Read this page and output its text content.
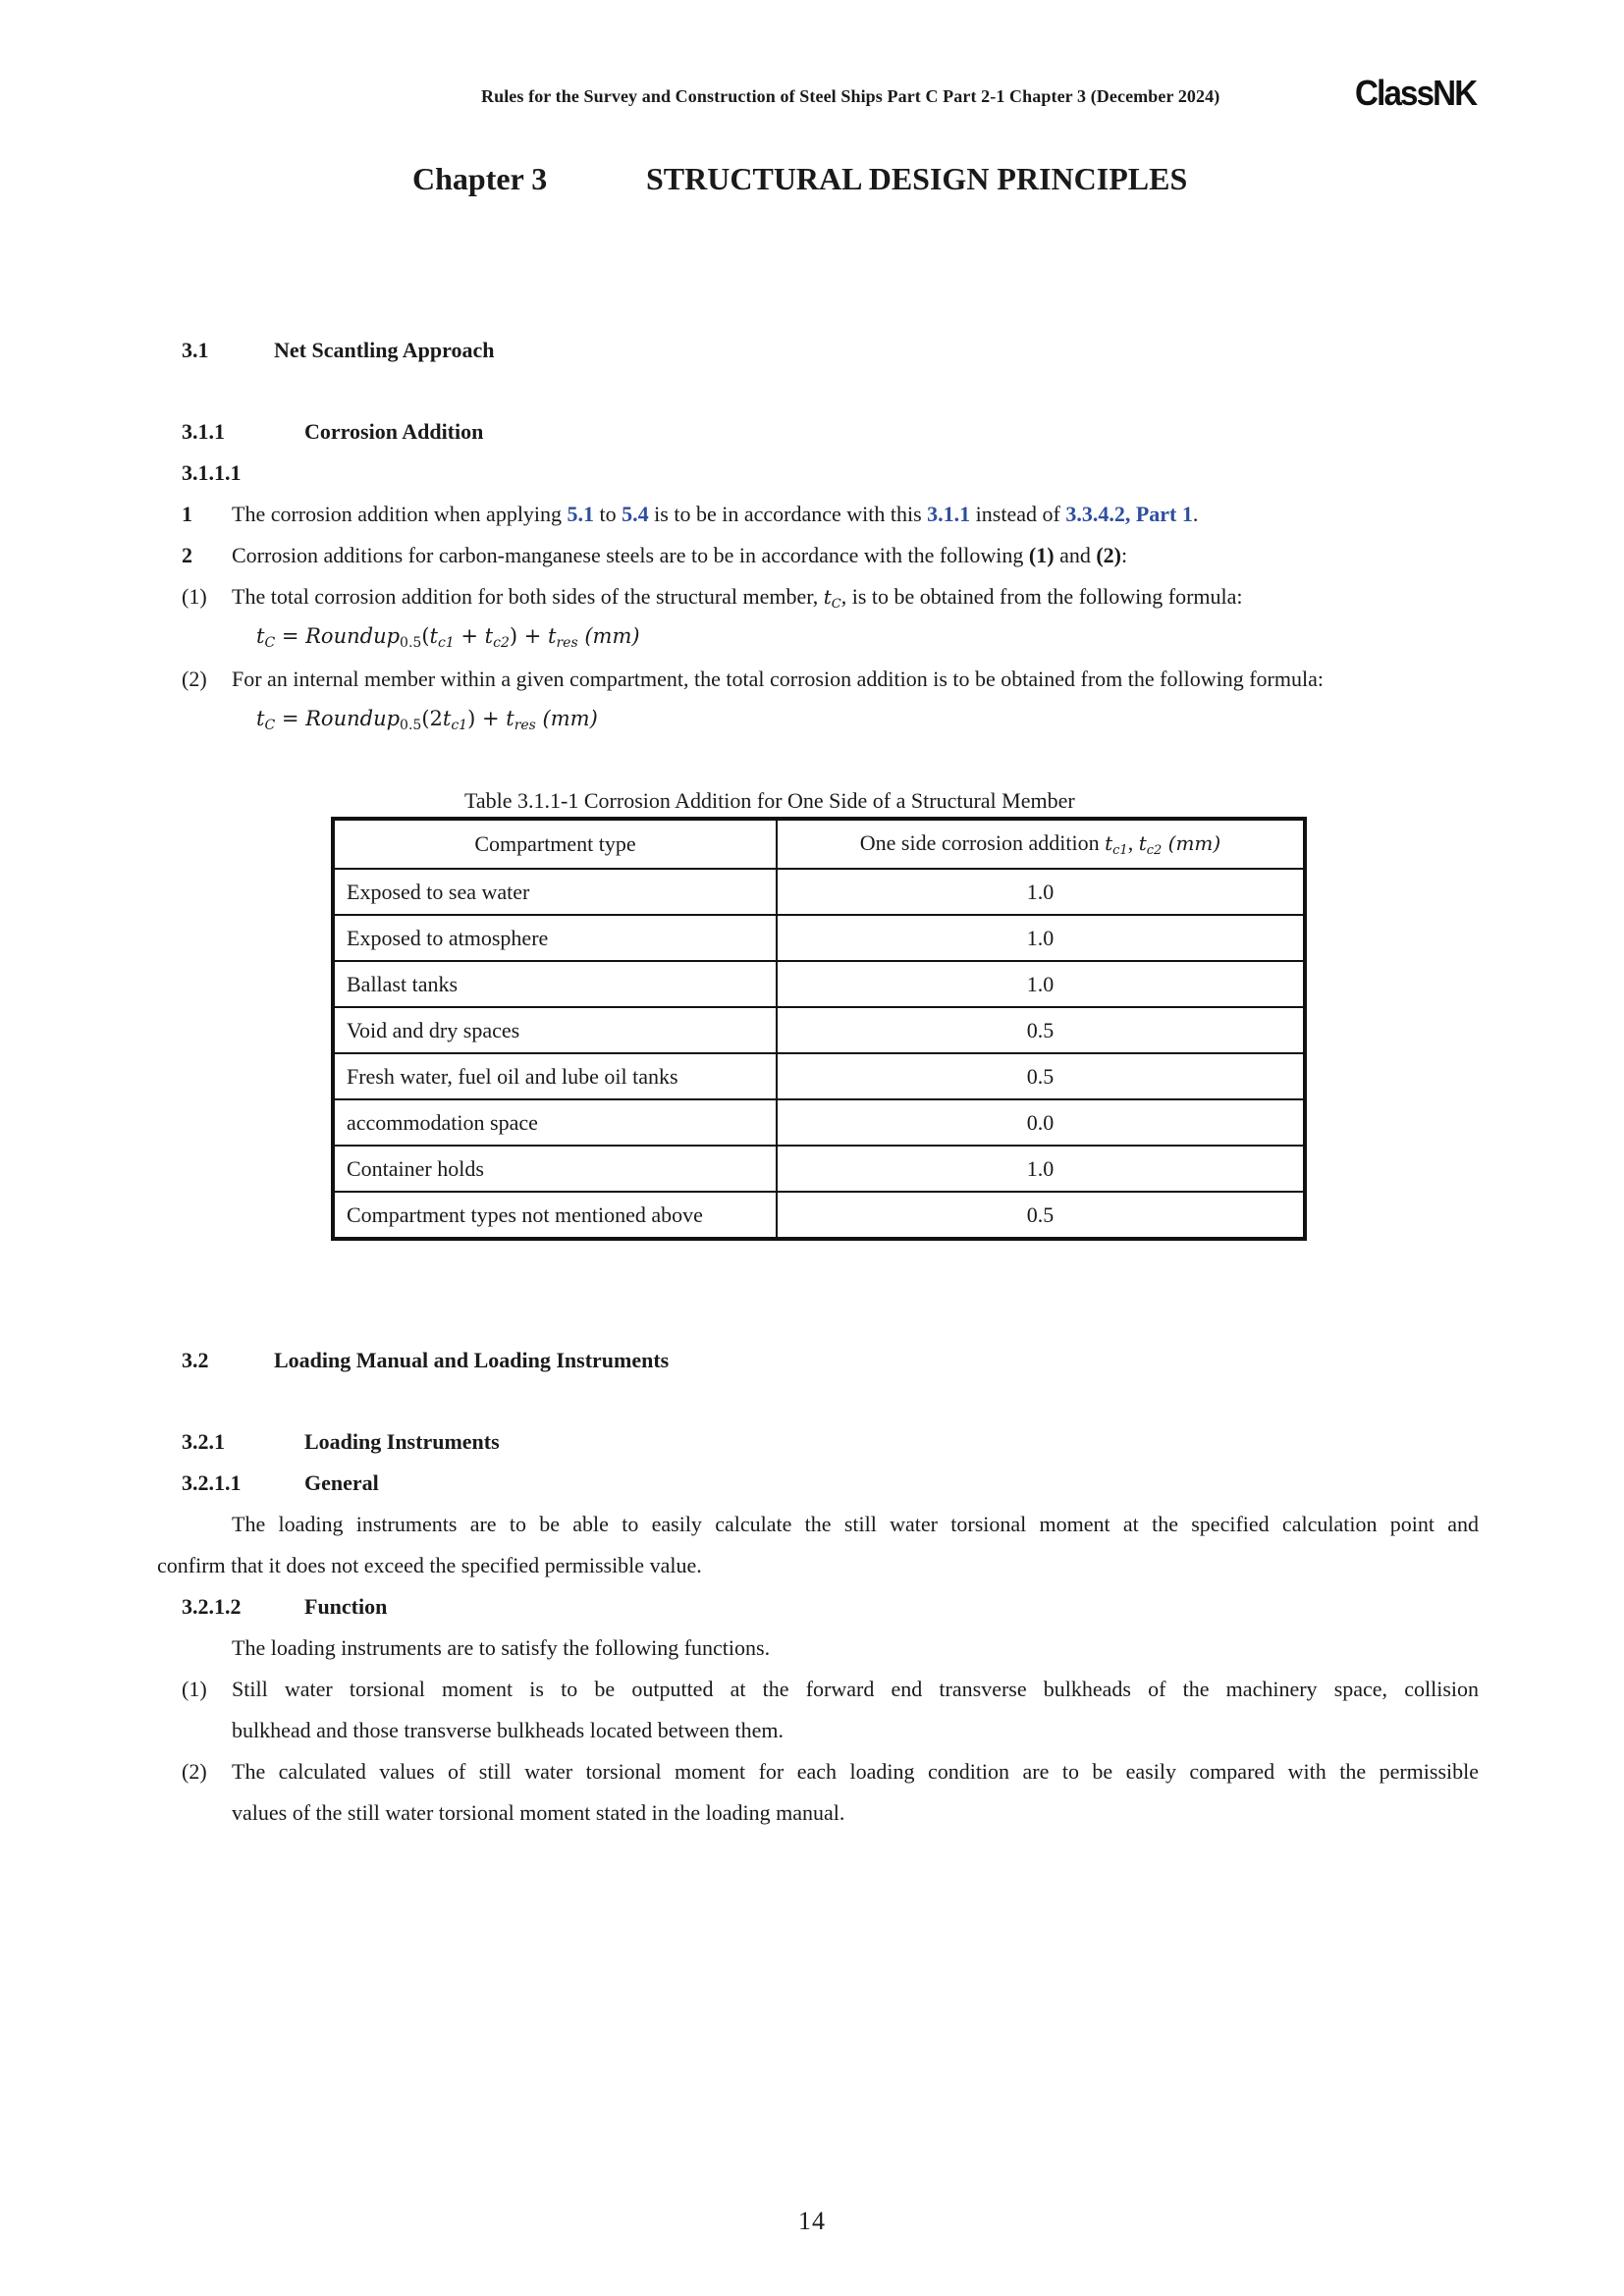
Rules for the Survey and Construction of Steel Ships Part C Part 2-1 Chapter 3 (December 2024)	ClassNK
Chapter 3	STRUCTURAL DESIGN PRINCIPLES
3.1	Net Scantling Approach
3.1.1	Corrosion Addition
3.1.1.1
1 The corrosion addition when applying 5.1 to 5.4 is to be in accordance with this 3.1.1 instead of 3.3.4.2, Part 1.
2 Corrosion additions for carbon-manganese steels are to be in accordance with the following (1) and (2):
(1) The total corrosion addition for both sides of the structural member, $t_C$, is to be obtained from the following formula:
$t_C$ = $Roundup_{0.5}(t_{c1} + t_{c2}) + t_{res}$ (mm)
(2) For an internal member within a given compartment, the total corrosion addition is to be obtained from the following formula:
$t_C$ = $Roundup_{0.5}(2t_{c1}) + t_{res}$ (mm)
Table 3.1.1-1 Corrosion Addition for One Side of a Structural Member
Compartment type	One side corrosion addition $t_{c1}$, $t_{c2}$ (mm)
Exposed to sea water	1.0
Exposed to atmosphere	1.0
Ballast tanks	1.0
Void and dry spaces	0.5
Fresh water, fuel oil and lube oil tanks	0.5
accommodation space	0.0
Container holds	1.0
Compartment types not mentioned above	0.5
3.2	Loading Manual and Loading Instruments
3.2.1	Loading Instruments
3.2.1.1	General
The loading instruments are to be able to easily calculate the still water torsional moment at the specified calculation point and
confirm that it does not exceed the specified permissible value.
3.2.1.2	Function
The loading instruments are to satisfy the following functions.
(1) Still water torsional moment is to be outputted at the forward end transverse bulkheads of the machinery space, collision
bulkhead and those transverse bulkheads located between them.
(2) The calculated values of still water torsional moment for each loading condition are to be easily compared with the permissible
values of the still water torsional moment stated in the loading manual.
14
